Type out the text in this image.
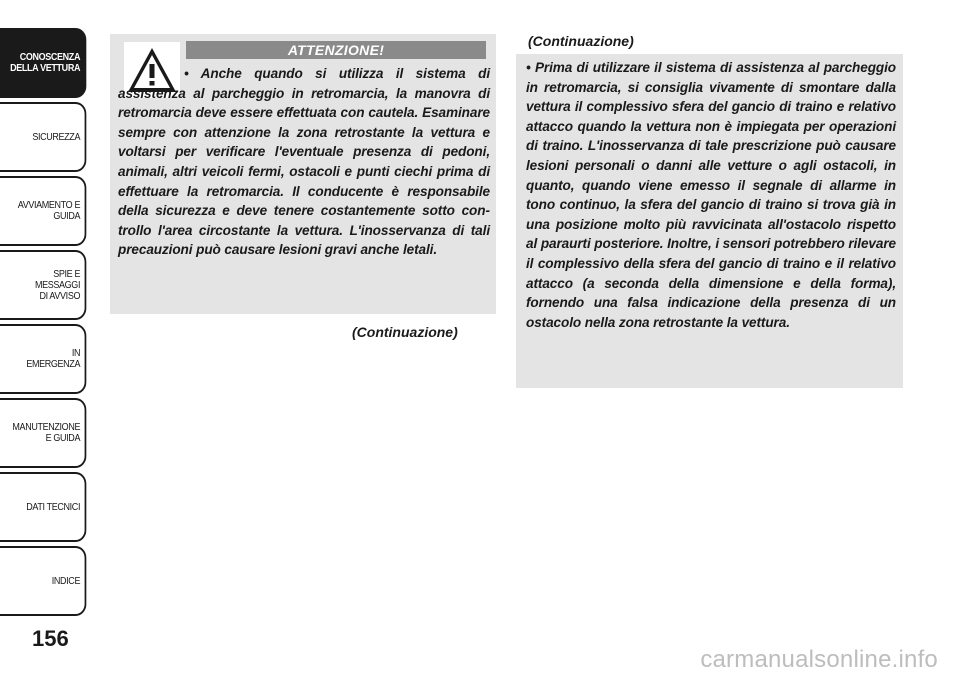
CONOSCENZA
DELLA VETTURA
SICUREZZA
AVVIAMENTO E
GUIDA
SPIE E
MESSAGGI
DI AVVISO
IN
EMERGENZA
MANUTENZIONE
E GUIDA
DATI TECNICI
INDICE
156
ATTENZIONE!

• Anche quando si utilizza il sistema di assistenza al parcheggio in retromarcia, la manovra di retromarcia deve essere effettuata con cautela. Esaminare sempre con attenzione la zona retrostante la vettura e voltarsi per verificare l'eventuale presenza di pedoni, animali, altri veicoli fermi, ostacoli e punti ciechi prima di effettuare la retromarcia. Il conducente è responsabile della sicurezza e deve tenere costantemente sotto controllo l'area circostante la vettura. L'inosservanza di tali precauzioni può causare lesioni gravi anche letali.

(Continuazione)
(Continuazione)

• Prima di utilizzare il sistema di assistenza al parcheggio in retromarcia, si consiglia vivamente di smontare dalla vettura il complessivo sfera del gancio di traino e relativo attacco quando la vettura non è impiegata per operazioni di traino. L'inosservanza di tale prescrizione può causare lesioni personali o danni alle vetture o agli ostacoli, in quanto, quando viene emesso il segnale di allarme in tono continuo, la sfera del gancio di traino si trova già in una posizione molto più ravvicinata all'ostacolo rispetto al paraurti posteriore. Inoltre, i sensori potrebbero rilevare il complessivo della sfera del gancio di traino e il relativo attacco (a seconda della dimensione e della forma), fornendo una falsa indicazione della presenza di un ostacolo nella zona retrostante la vettura.

carmanualsonline.info
